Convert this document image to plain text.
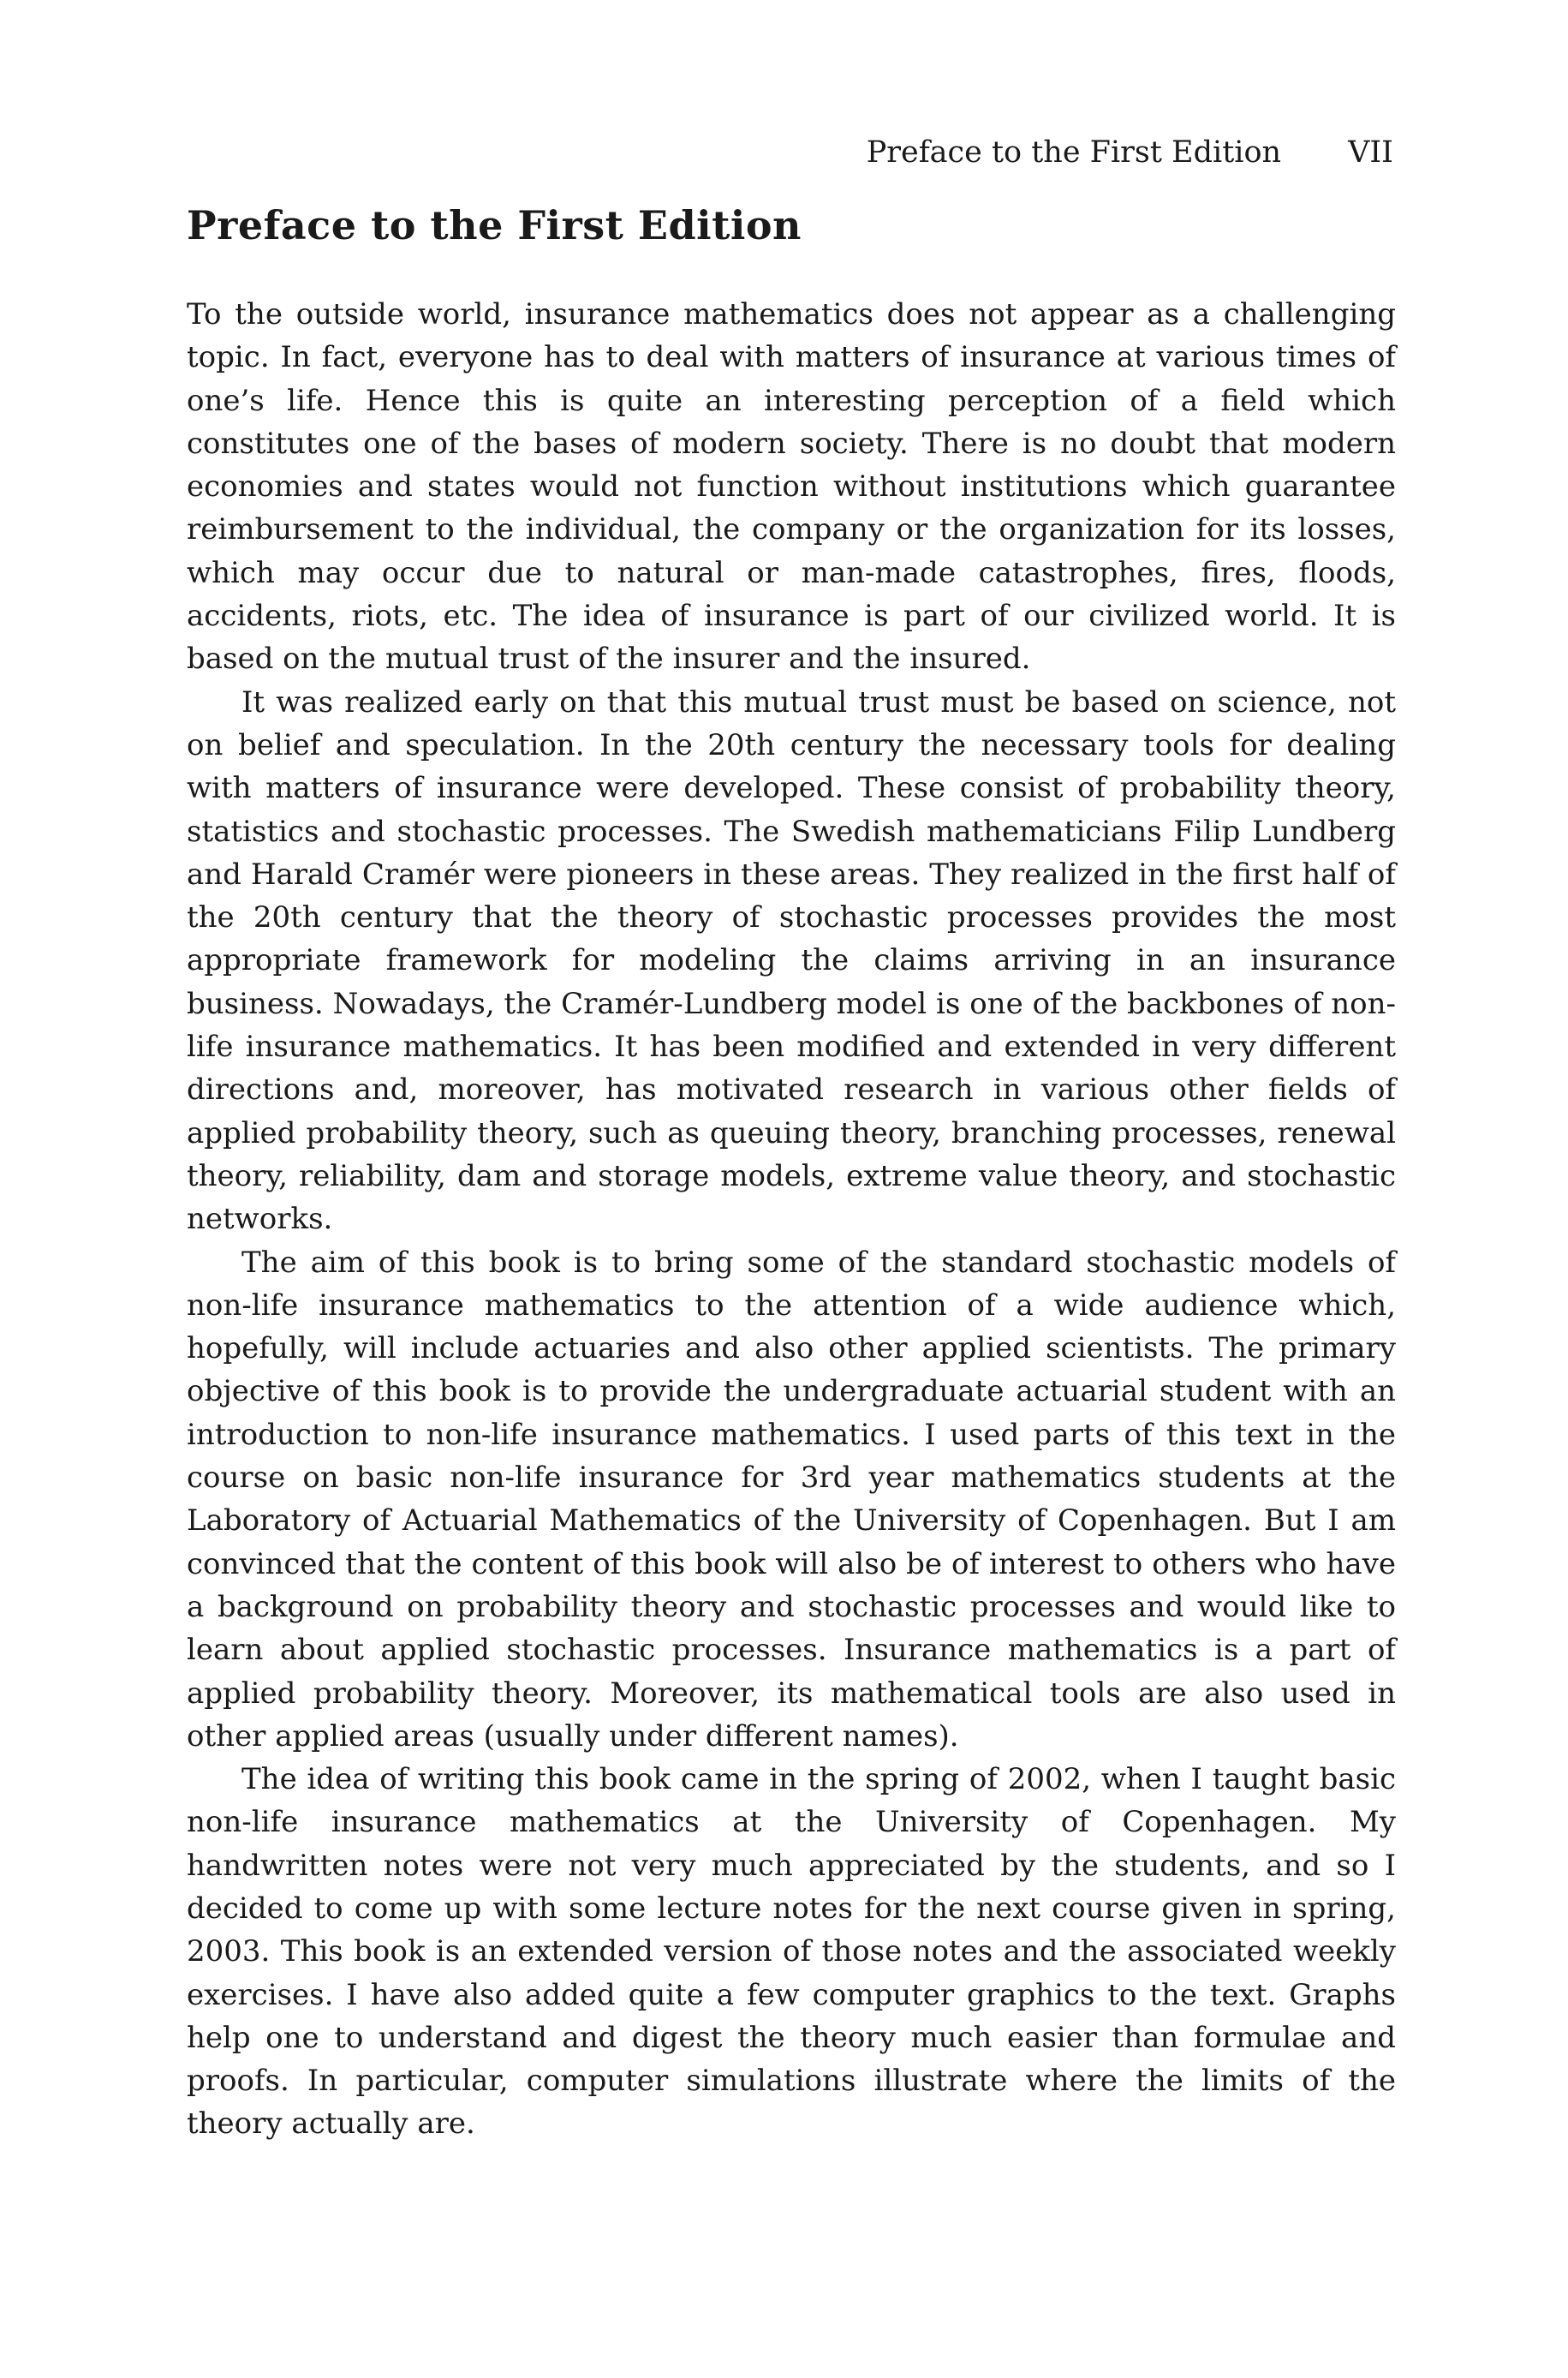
Preface to the First Edition VII
Preface to the First Edition

To the outside world, insurance mathematics does not appear as a challenging topic. In fact, everyone has to deal with matters of insurance at various times of one’s life. Hence this is quite an interesting perception of a field which constitutes one of the bases of modern society. There is no doubt that modern economies and states would not function without institutions which guarantee reimbursement to the individual, the company or the organization for its losses, which may occur due to natural or man-made catastrophes, fires, floods, accidents, riots, etc. The idea of insurance is part of our civilized world. It is based on the mutual trust of the insurer and the insured.

It was realized early on that this mutual trust must be based on science, not on belief and speculation. In the 20th century the necessary tools for dealing with matters of insurance were developed. These consist of probability theory, statistics and stochastic processes. The Swedish mathematicians Filip Lundberg and Harald Cramér were pioneers in these areas. They realized in the first half of the 20th century that the theory of stochastic processes provides the most appropriate framework for modeling the claims arriving in an insurance business. Nowadays, the Cramér-Lundberg model is one of the backbones of non-life insurance mathematics. It has been modified and extended in very different directions and, moreover, has motivated research in various other fields of applied probability theory, such as queuing theory, branching processes, renewal theory, reliability, dam and storage models, extreme value theory, and stochastic networks.

The aim of this book is to bring some of the standard stochastic models of non-life insurance mathematics to the attention of a wide audience which, hopefully, will include actuaries and also other applied scientists. The primary objective of this book is to provide the undergraduate actuarial student with an introduction to non-life insurance mathematics. I used parts of this text in the course on basic non-life insurance for 3rd year mathematics students at the Laboratory of Actuarial Mathematics of the University of Copenhagen. But I am convinced that the content of this book will also be of interest to others who have a background on probability theory and stochastic processes and would like to learn about applied stochastic processes. Insurance mathematics is a part of applied probability theory. Moreover, its mathematical tools are also used in other applied areas (usually under different names).

The idea of writing this book came in the spring of 2002, when I taught basic non-life insurance mathematics at the University of Copenhagen. My handwritten notes were not very much appreciated by the students, and so I decided to come up with some lecture notes for the next course given in spring, 2003. This book is an extended version of those notes and the associated weekly exercises. I have also added quite a few computer graphics to the text. Graphs help one to understand and digest the theory much easier than formulae and proofs. In particular, computer simulations illustrate where the limits of the theory actually are.
